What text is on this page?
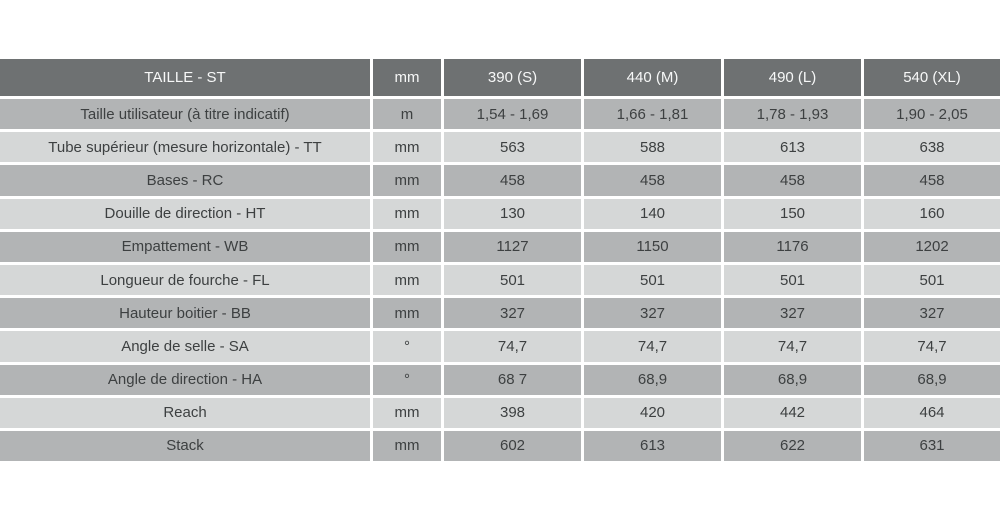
TAILLE - ST	mm	390 (S)	440 (M)	490 (L)	540 (XL)
Taille utilisateur (à titre indicatif)	m	1,54 - 1,69	1,66 - 1,81	1,78 - 1,93	1,90 - 2,05
Tube supérieur (mesure horizontale) - TT	mm	563	588	613	638
Bases - RC	mm	458	458	458	458
Douille de direction - HT	mm	130	140	150	160
Empattement - WB	mm	1127	1150	1176	1202
Longueur de fourche - FL	mm	501	501	501	501
Hauteur boitier - BB	mm	327	327	327	327
Angle de selle - SA	°	74,7	74,7	74,7	74,7
Angle de direction - HA	°	68 7	68,9	68,9	68,9
Reach	mm	398	420	442	464
Stack	mm	602	613	622	631
